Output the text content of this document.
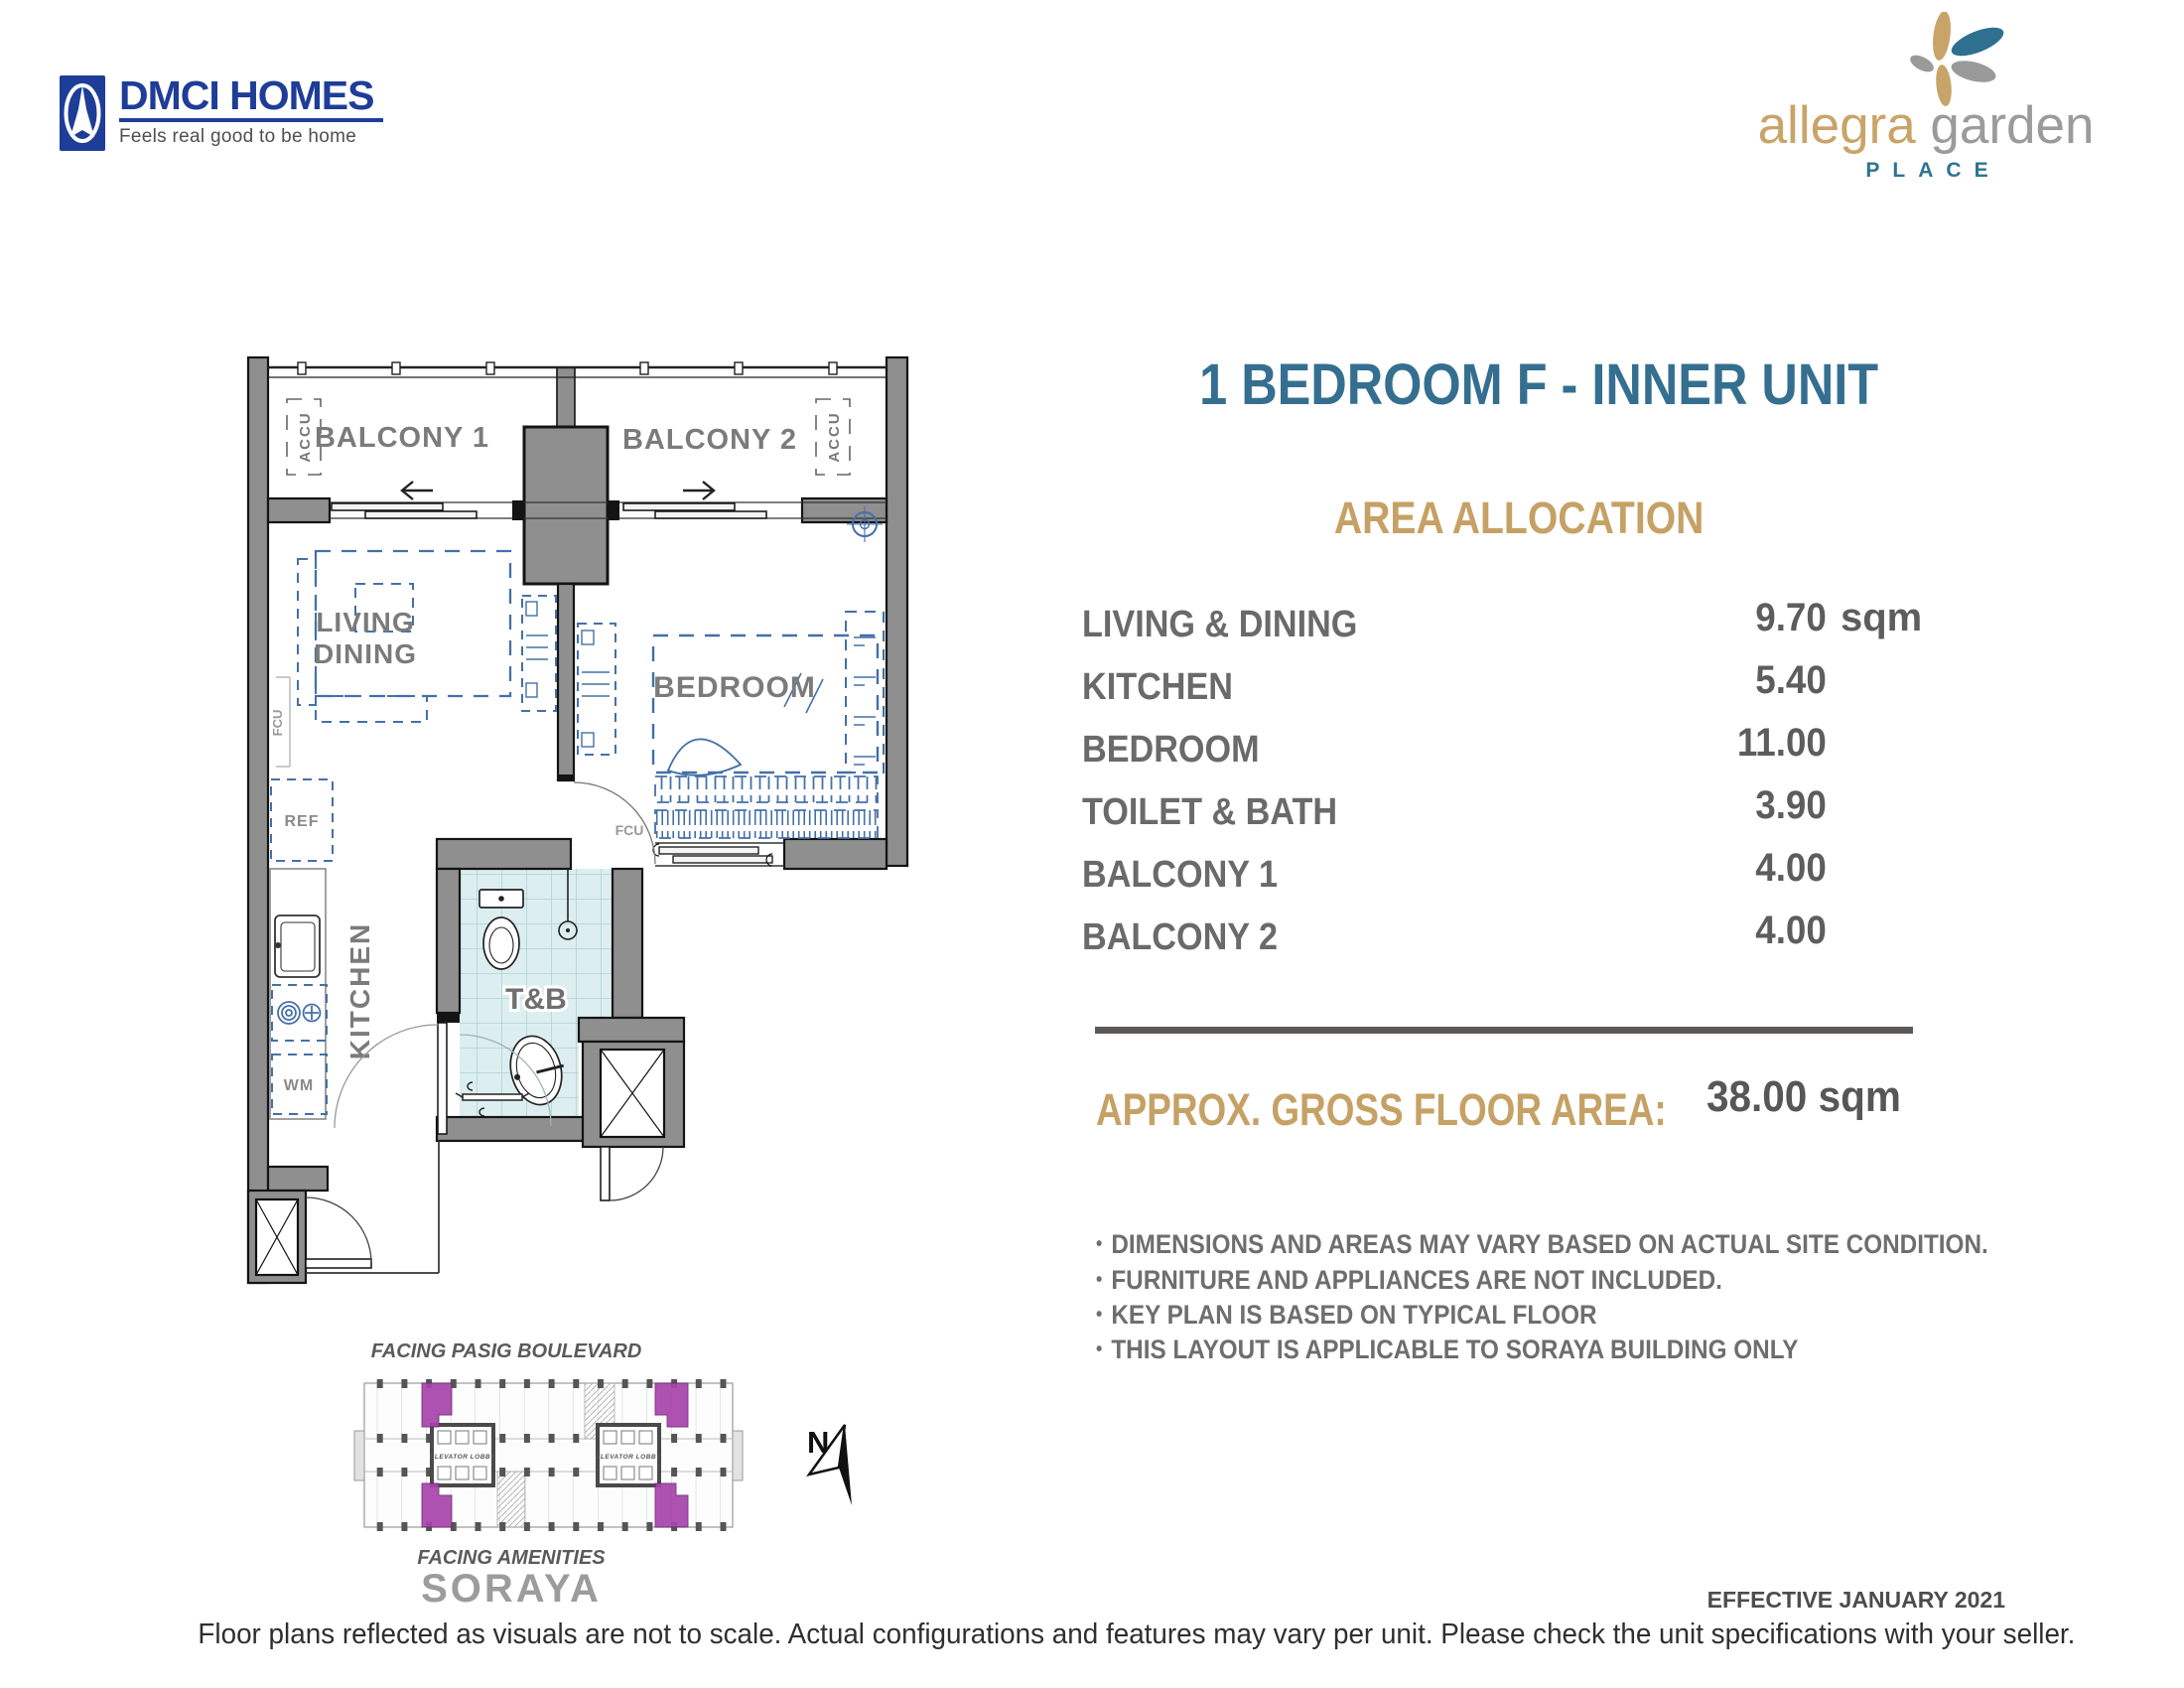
DMCI HOMES
Feels real good to be home	allegra garden
PLACE
1 BEDROOM F - INNER UNIT
AREA ALLOCATION
LIVING & DINING	9.70 sqm
KITCHEN	5.40
BEDROOM	11.00
TOILET & BATH	3.90
BALCONY 1	4.00
BALCONY 2	4.00
APPROX. GROSS FLOOR AREA: 38.00 sqm
• DIMENSIONS AND AREAS MAY VARY BASED ON ACTUAL SITE CONDITION.
• FURNITURE AND APPLIANCES ARE NOT INCLUDED.
• KEY PLAN IS BASED ON TYPICAL FLOOR
• THIS LAYOUT IS APPLICABLE TO SORAYA BUILDING ONLY
ACCU	ACCU
BALCONY 1	BALCONY 2
REF
WM
KITCHEN
FCU
FCU
T&B
LIVING
DINING
BEDROOM
FACING PASIG BOULEVARD
ELEVATOR LOBBY	ELEVATOR LOBBY	N
FACING AMENITIES
SORAYA	EFFECTIVE JANUARY 2021
Floor plans reflected as visuals are not to scale. Actual configurations and features may vary per unit. Please check the unit specifications with your seller.
